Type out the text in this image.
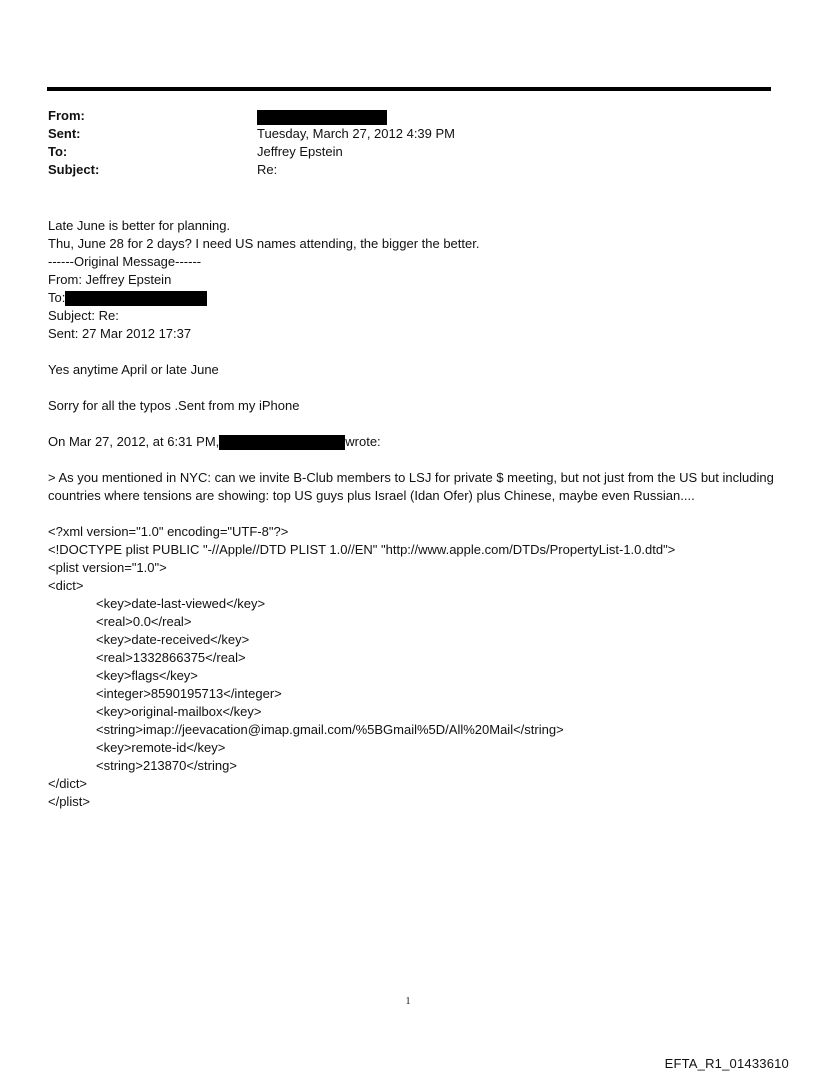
From:
Sent:	Tuesday, March 27, 2012 4:39 PM
To:	Jeffrey Epstein
Subject:	Re:
Late June is better for planning.
Thu, June 28 for 2 days? I need US names attending, the bigger the better.
------Original Message------
From: Jeffrey Epstein
To:
Subject: Re:
Sent: 27 Mar 2012 17:37
Yes anytime April or late June
Sorry for all the typos .Sent from my iPhone
On Mar 27, 2012, at 6:31 PM,	wrote:
> As you mentioned in NYC: can we invite B-Club members to LSJ for private $ meeting, but not just from the US but including countries where tensions are showing: top US guys plus Israel (Idan Ofer) plus Chinese, maybe even Russian....
<?xml version="1.0" encoding="UTF-8"?>
<!DOCTYPE plist PUBLIC "-//Apple//DTD PLIST 1.0//EN" "http://www.apple.com/DTDs/PropertyList-1.0.dtd">
<plist version="1.0">
<dict>
<key>date-last-viewed</key>
<real>0.0</real>
<key>date-received</key>
<real>1332866375</real>
<key>flags</key>
<integer>8590195713</integer>
<key>original-mailbox</key>
<string>imap://jeevacation@imap.gmail.com/%5BGmail%5D/All%20Mail</string>
<key>remote-id</key>
<string>213870</string>
</dict>
</plist>
1
EFTA_R1_01433610
